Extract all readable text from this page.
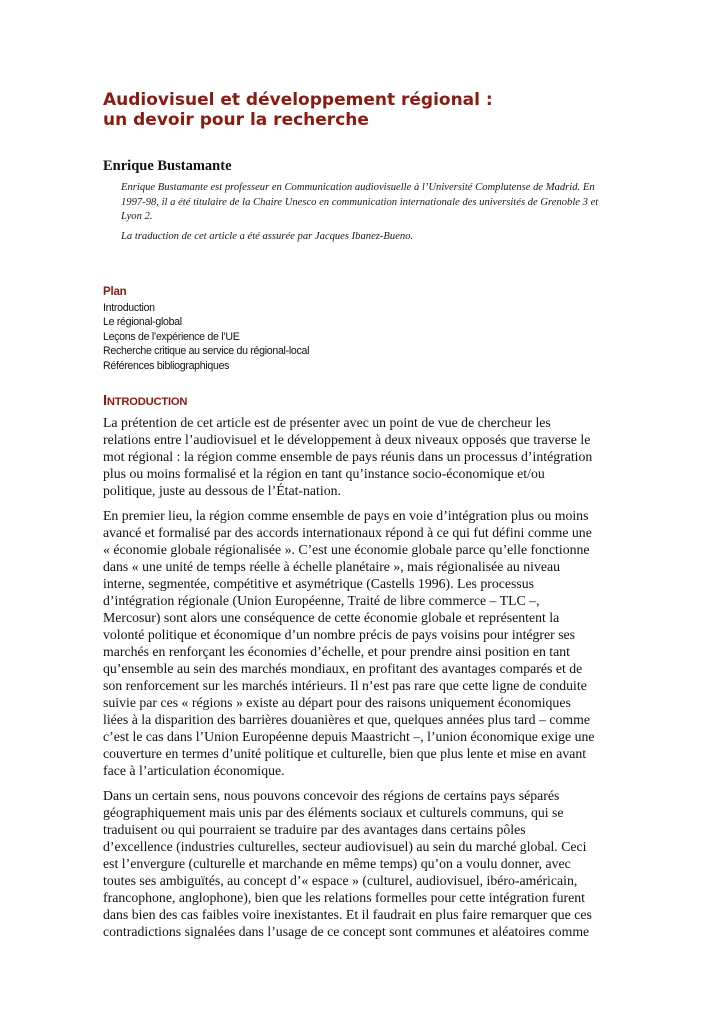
Audiovisuel et développement régional :
un devoir pour la recherche
Enrique Bustamante

Enrique Bustamante est professeur en Communication audiovisuelle à l’Université Complutense de Madrid. En 1997-98, il a été titulaire de la Chaire Unesco en communication internationale des universités de Grenoble 3 et Lyon 2.

La traduction de cet article a été assurée par Jacques Ibanez-Bueno.

Plan
Introduction
Le régional-global
Leçons de l’expérience de l’UE
Recherche critique au service du régional-local
Références bibliographiques
INTRODUCTION

La prétention de cet article est de présenter avec un point de vue de chercheur les
relations entre l’audiovisuel et le développement à deux niveaux opposés que traverse le
mot régional : la région comme ensemble de pays réunis dans un processus d’intégration
plus ou moins formalisé et la région en tant qu’instance socio-économique et/ou
politique, juste au dessous de l’État-nation.

En premier lieu, la région comme ensemble de pays en voie d’intégration plus ou moins
avancé et formalisé par des accords internationaux répond à ce qui fut défini comme une
« économie globale régionalisée ». C’est une économie globale parce qu’elle fonctionne
dans « une unité de temps réelle à échelle planétaire », mais régionalisée au niveau
interne, segmentée, compétitive et asymétrique (Castells 1996). Les processus
d’intégration régionale (Union Européenne, Traité de libre commerce – TLC –,
Mercosur) sont alors une conséquence de cette économie globale et représentent la
volonté politique et économique d’un nombre précis de pays voisins pour intégrer ses
marchés en renforçant les économies d’échelle, et pour prendre ainsi position en tant
qu’ensemble au sein des marchés mondiaux, en profitant des avantages comparés et de
son renforcement sur les marchés intérieurs. Il n’est pas rare que cette ligne de conduite
suivie par ces « régions » existe au départ pour des raisons uniquement économiques
liées à la disparition des barrières douanières et que, quelques années plus tard – comme
c’est le cas dans l’Union Européenne depuis Maastricht –, l’union économique exige une
couverture en termes d’unité politique et culturelle, bien que plus lente et mise en avant
face à l’articulation économique.

Dans un certain sens, nous pouvons concevoir des régions de certains pays séparés
géographiquement mais unis par des éléments sociaux et culturels communs, qui se
traduisent ou qui pourraient se traduire par des avantages dans certains pôles
d’excellence (industries culturelles, secteur audiovisuel) au sein du marché global. Ceci
est l’envergure (culturelle et marchande en même temps) qu’on a voulu donner, avec
toutes ses ambiguïtés, au concept d’« espace » (culturel, audiovisuel, ibéro-américain,
francophone, anglophone), bien que les relations formelles pour cette intégration furent
dans bien des cas faibles voire inexistantes. Et il faudrait en plus faire remarquer que ces
contradictions signalées dans l’usage de ce concept sont communes et aléatoires comme
